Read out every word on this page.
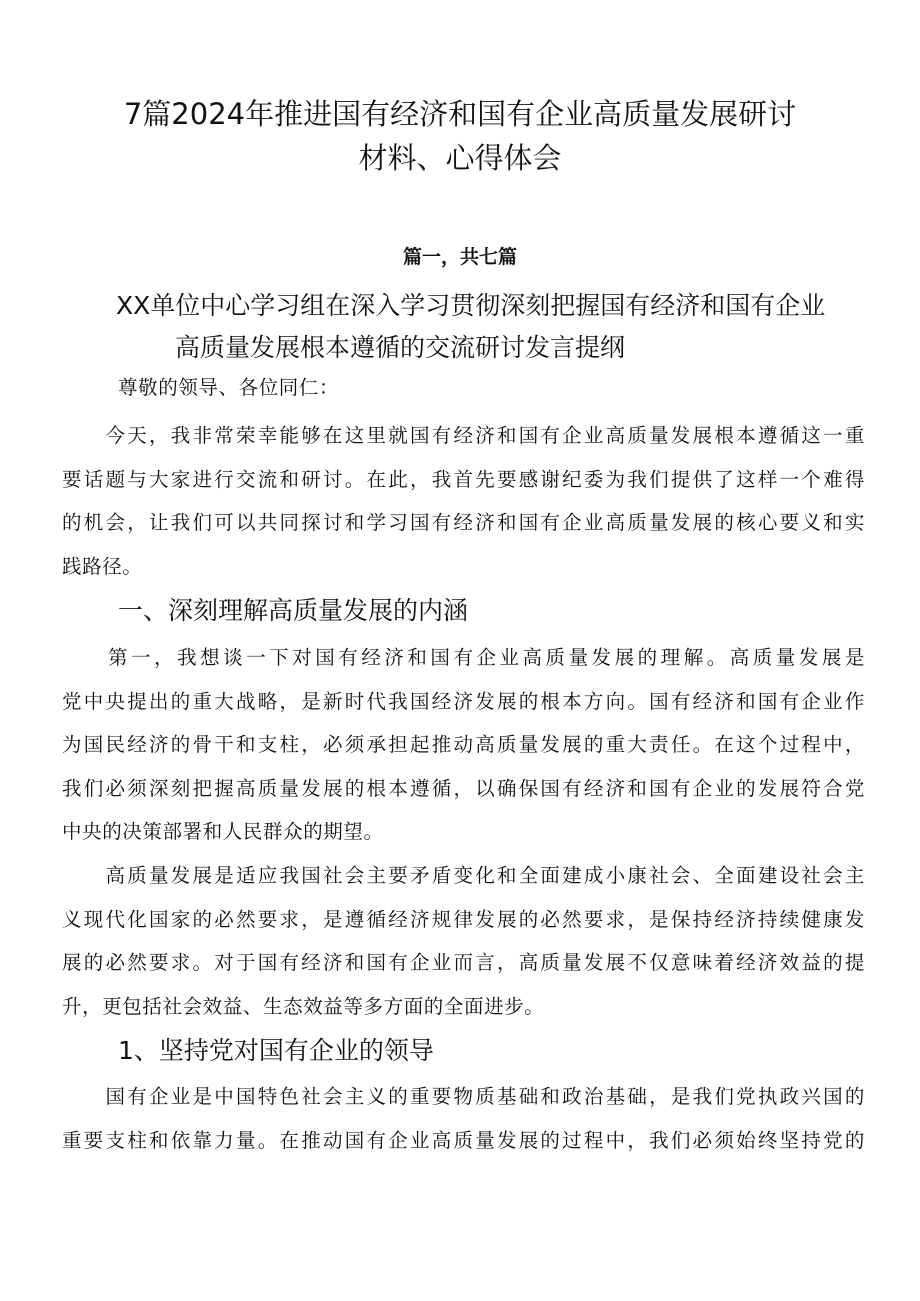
7篇2024年推进国有经济和国有企业高质量发展研讨
材料、心得体会
篇一，共七篇
XX单位中心学习组在深入学习贯彻深刻把握国有经济和国有企业
高质量发展根本遵循的交流研讨发言提纲
尊敬的领导、各位同仁：
　　今天，我非常荣幸能够在这里就国有经济和国有企业高质量发展根本遵循这一重
要话题与大家进行交流和研讨。在此，我首先要感谢纪委为我们提供了这样一个难得
的机会，让我们可以共同探讨和学习国有经济和国有企业高质量发展的核心要义和实
践路径。
一、深刻理解高质量发展的内涵
　　第一，我想谈一下对国有经济和国有企业高质量发展的理解。高质量发展是
党中央提出的重大战略，是新时代我国经济发展的根本方向。国有经济和国有企业作
为国民经济的骨干和支柱，必须承担起推动高质量发展的重大责任。在这个过程中，
我们必须深刻把握高质量发展的根本遵循，以确保国有经济和国有企业的发展符合党
中央的决策部署和人民群众的期望。
　　高质量发展是适应我国社会主要矛盾变化和全面建成小康社会、全面建设社会主
义现代化国家的必然要求，是遵循经济规律发展的必然要求，是保持经济持续健康发
展的必然要求。对于国有经济和国有企业而言，高质量发展不仅意味着经济效益的提
升，更包括社会效益、生态效益等多方面的全面进步。
1、坚持党对国有企业的领导
　　国有企业是中国特色社会主义的重要物质基础和政治基础，是我们党执政兴国的
重要支柱和依靠力量。在推动国有企业高质量发展的过程中，我们必须始终坚持党的
